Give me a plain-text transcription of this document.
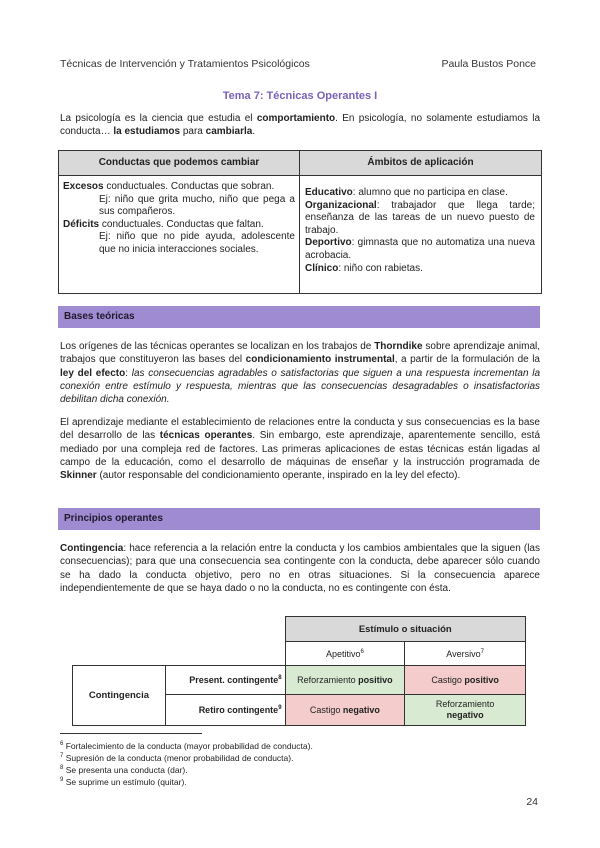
Técnicas de Intervención y Tratamientos Psicológicos	Paula Bustos Ponce
Tema 7: Técnicas Operantes I
La psicología es la ciencia que estudia el comportamiento. En psicología, no solamente estudiamos la conducta… la estudiamos para cambiarla.
Conductas que podemos cambiar	Ámbitos de aplicación
Excesos conductuales. Conductas que sobran.
Ej: niño que grita mucho, niño que pega a sus compañeros.
Déficits conductuales. Conductas que faltan.
Ej: niño que no pide ayuda, adolescente que no inicia interacciones sociales.
Educativo: alumno que no participa en clase.
Organizacional: trabajador que llega tarde; enseñanza de las tareas de un nuevo puesto de trabajo.
Deportivo: gimnasta que no automatiza una nueva acrobacia.
Clínico: niño con rabietas.
Bases teóricas
Los orígenes de las técnicas operantes se localizan en los trabajos de Thorndike sobre aprendizaje animal, trabajos que constituyeron las bases del condicionamiento instrumental, a partir de la formulación de la ley del efecto: las consecuencias agradables o satisfactorias que siguen a una respuesta incrementan la conexión entre estímulo y respuesta, mientras que las consecuencias desagradables o insatisfactorias debilitan dicha conexión.
El aprendizaje mediante el establecimiento de relaciones entre la conducta y sus consecuencias es la base del desarrollo de las técnicas operantes. Sin embargo, este aprendizaje, aparentemente sencillo, está mediado por una compleja red de factores. Las primeras aplicaciones de estas técnicas están ligadas al campo de la educación, como el desarrollo de máquinas de enseñar y la instrucción programada de Skinner (autor responsable del condicionamiento operante, inspirado en la ley del efecto).
Principios operantes
Contingencia: hace referencia a la relación entre la conducta y los cambios ambientales que la siguen (las consecuencias); para que una consecuencia sea contingente con la conducta, debe aparecer sólo cuando se ha dado la conducta objetivo, pero no en otras situaciones. Si la consecuencia aparece independientemente de que se haya dado o no la conducta, no es contingente con ésta.
		Estímulo o situación	
		Apetitivo$^6$	Aversivo$^7$
Contingencia	Present. contingente$^8$	Reforzamiento positivo	Castigo positivo
	Retiro contingente$^9$	Castigo negativo	Reforzamiento
negativo
$^6$ Fortalecimiento de la conducta (mayor probabilidad de conducta).
$^7$ Supresión de la conducta (menor probabilidad de conducta).
$^8$ Se presenta una conducta (dar).
$^9$ Se suprime un estímulo (quitar).
24
